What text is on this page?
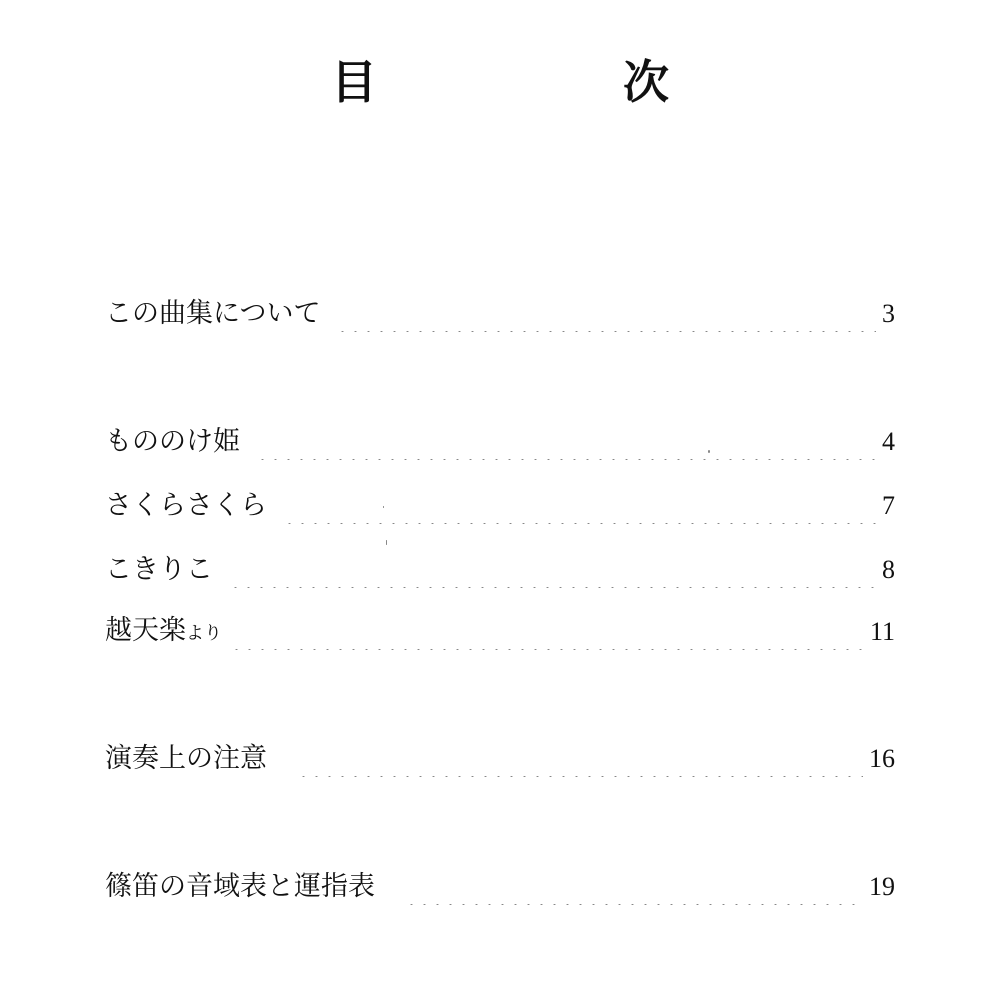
目　次
この曲集について	3
もののけ姫	4
さくらさくら	7
こきりこ	8
越天楽より	11
演奏上の注意	16
篠笛の音域表と運指表	19
